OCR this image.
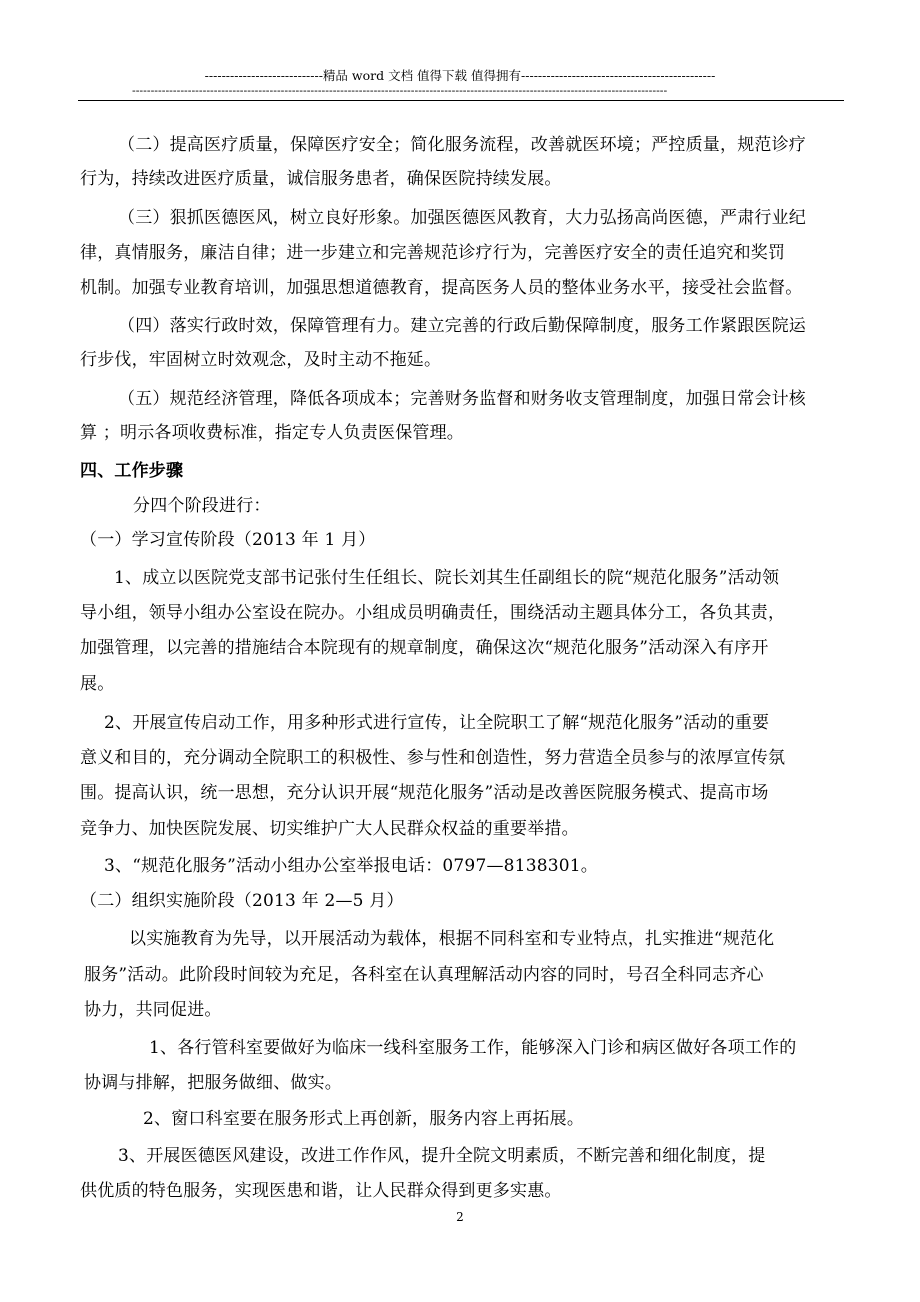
----------------------------精品 word 文档 值得下载 值得拥有----------------------------------------------
------------------------------------------------------------------------------------------------------------------------------------------------
（二）提高医疗质量，保障医疗安全；简化服务流程，改善就医环境；严控质量，规范诊疗
行为，持续改进医疗质量，诚信服务患者，确保医院持续发展。
（三）狠抓医德医风，树立良好形象。加强医德医风教育，大力弘扬高尚医德，严肃行业纪
律，真情服务，廉洁自律；进一步建立和完善规范诊疗行为，完善医疗安全的责任追究和奖罚
机制。加强专业教育培训，加强思想道德教育，提高医务人员的整体业务水平，接受社会监督。
（四）落实行政时效，保障管理有力。建立完善的行政后勤保障制度，服务工作紧跟医院运
行步伐，牢固树立时效观念，及时主动不拖延。
（五）规范经济管理，降低各项成本；完善财务监督和财务收支管理制度，加强日常会计核
算 ；明示各项收费标准，指定专人负责医保管理。
四、工作步骤
分四个阶段进行：
（一）学习宣传阶段（2013 年 1 月）
1、成立以医院党支部书记张付生任组长、院长刘其生任副组长的院“规范化服务”活动领
导小组，领导小组办公室设在院办。小组成员明确责任，围绕活动主题具体分工，各负其责，
加强管理，以完善的措施结合本院现有的规章制度，确保这次“规范化服务”活动深入有序开
展。
2、开展宣传启动工作，用多种形式进行宣传，让全院职工了解“规范化服务”活动的重要
意义和目的，充分调动全院职工的积极性、参与性和创造性，努力营造全员参与的浓厚宣传氛
围。提高认识，统一思想，充分认识开展“规范化服务”活动是改善医院服务模式、提高市场
竞争力、加快医院发展、切实维护广大人民群众权益的重要举措。
3、“规范化服务”活动小组办公室举报电话：0797—8138301。
（二）组织实施阶段（2013 年 2—5 月）
以实施教育为先导，以开展活动为载体，根据不同科室和专业特点，扎实推进“规范化
服务”活动。此阶段时间较为充足，各科室在认真理解活动内容的同时，号召全科同志齐心
协力，共同促进。
1、各行管科室要做好为临床一线科室服务工作，能够深入门诊和病区做好各项工作的
协调与排解，把服务做细、做实。
2、窗口科室要在服务形式上再创新，服务内容上再拓展。
3、开展医德医风建设，改进工作作风，提升全院文明素质，不断完善和细化制度，提
供优质的特色服务，实现医患和谐，让人民群众得到更多实惠。
2
